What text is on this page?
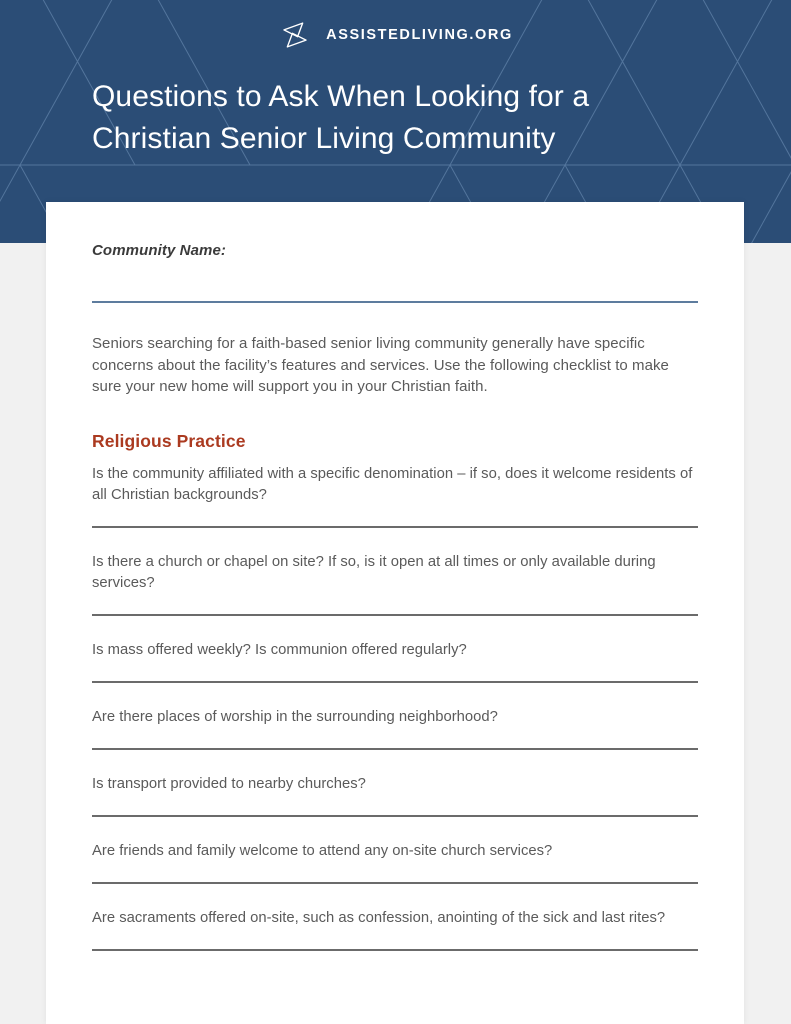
ASSISTEDLIVING.ORG
Questions to Ask When Looking for a
Christian Senior Living Community
Community Name:

Seniors searching for a faith-based senior living community generally have specific concerns about the facility’s features and services. Use the following checklist to make sure your new home will support you in your Christian faith.

Religious Practice
Is the community affiliated with a specific denomination – if so, does it welcome residents of all Christian backgrounds?
Is there a church or chapel on site? If so, is it open at all times or only available during services?
Is mass offered weekly? Is communion offered regularly?
Are there places of worship in the surrounding neighborhood?
Is transport provided to nearby churches?
Are friends and family welcome to attend any on-site church services?
Are sacraments offered on-site, such as confession, anointing of the sick and last rites?
